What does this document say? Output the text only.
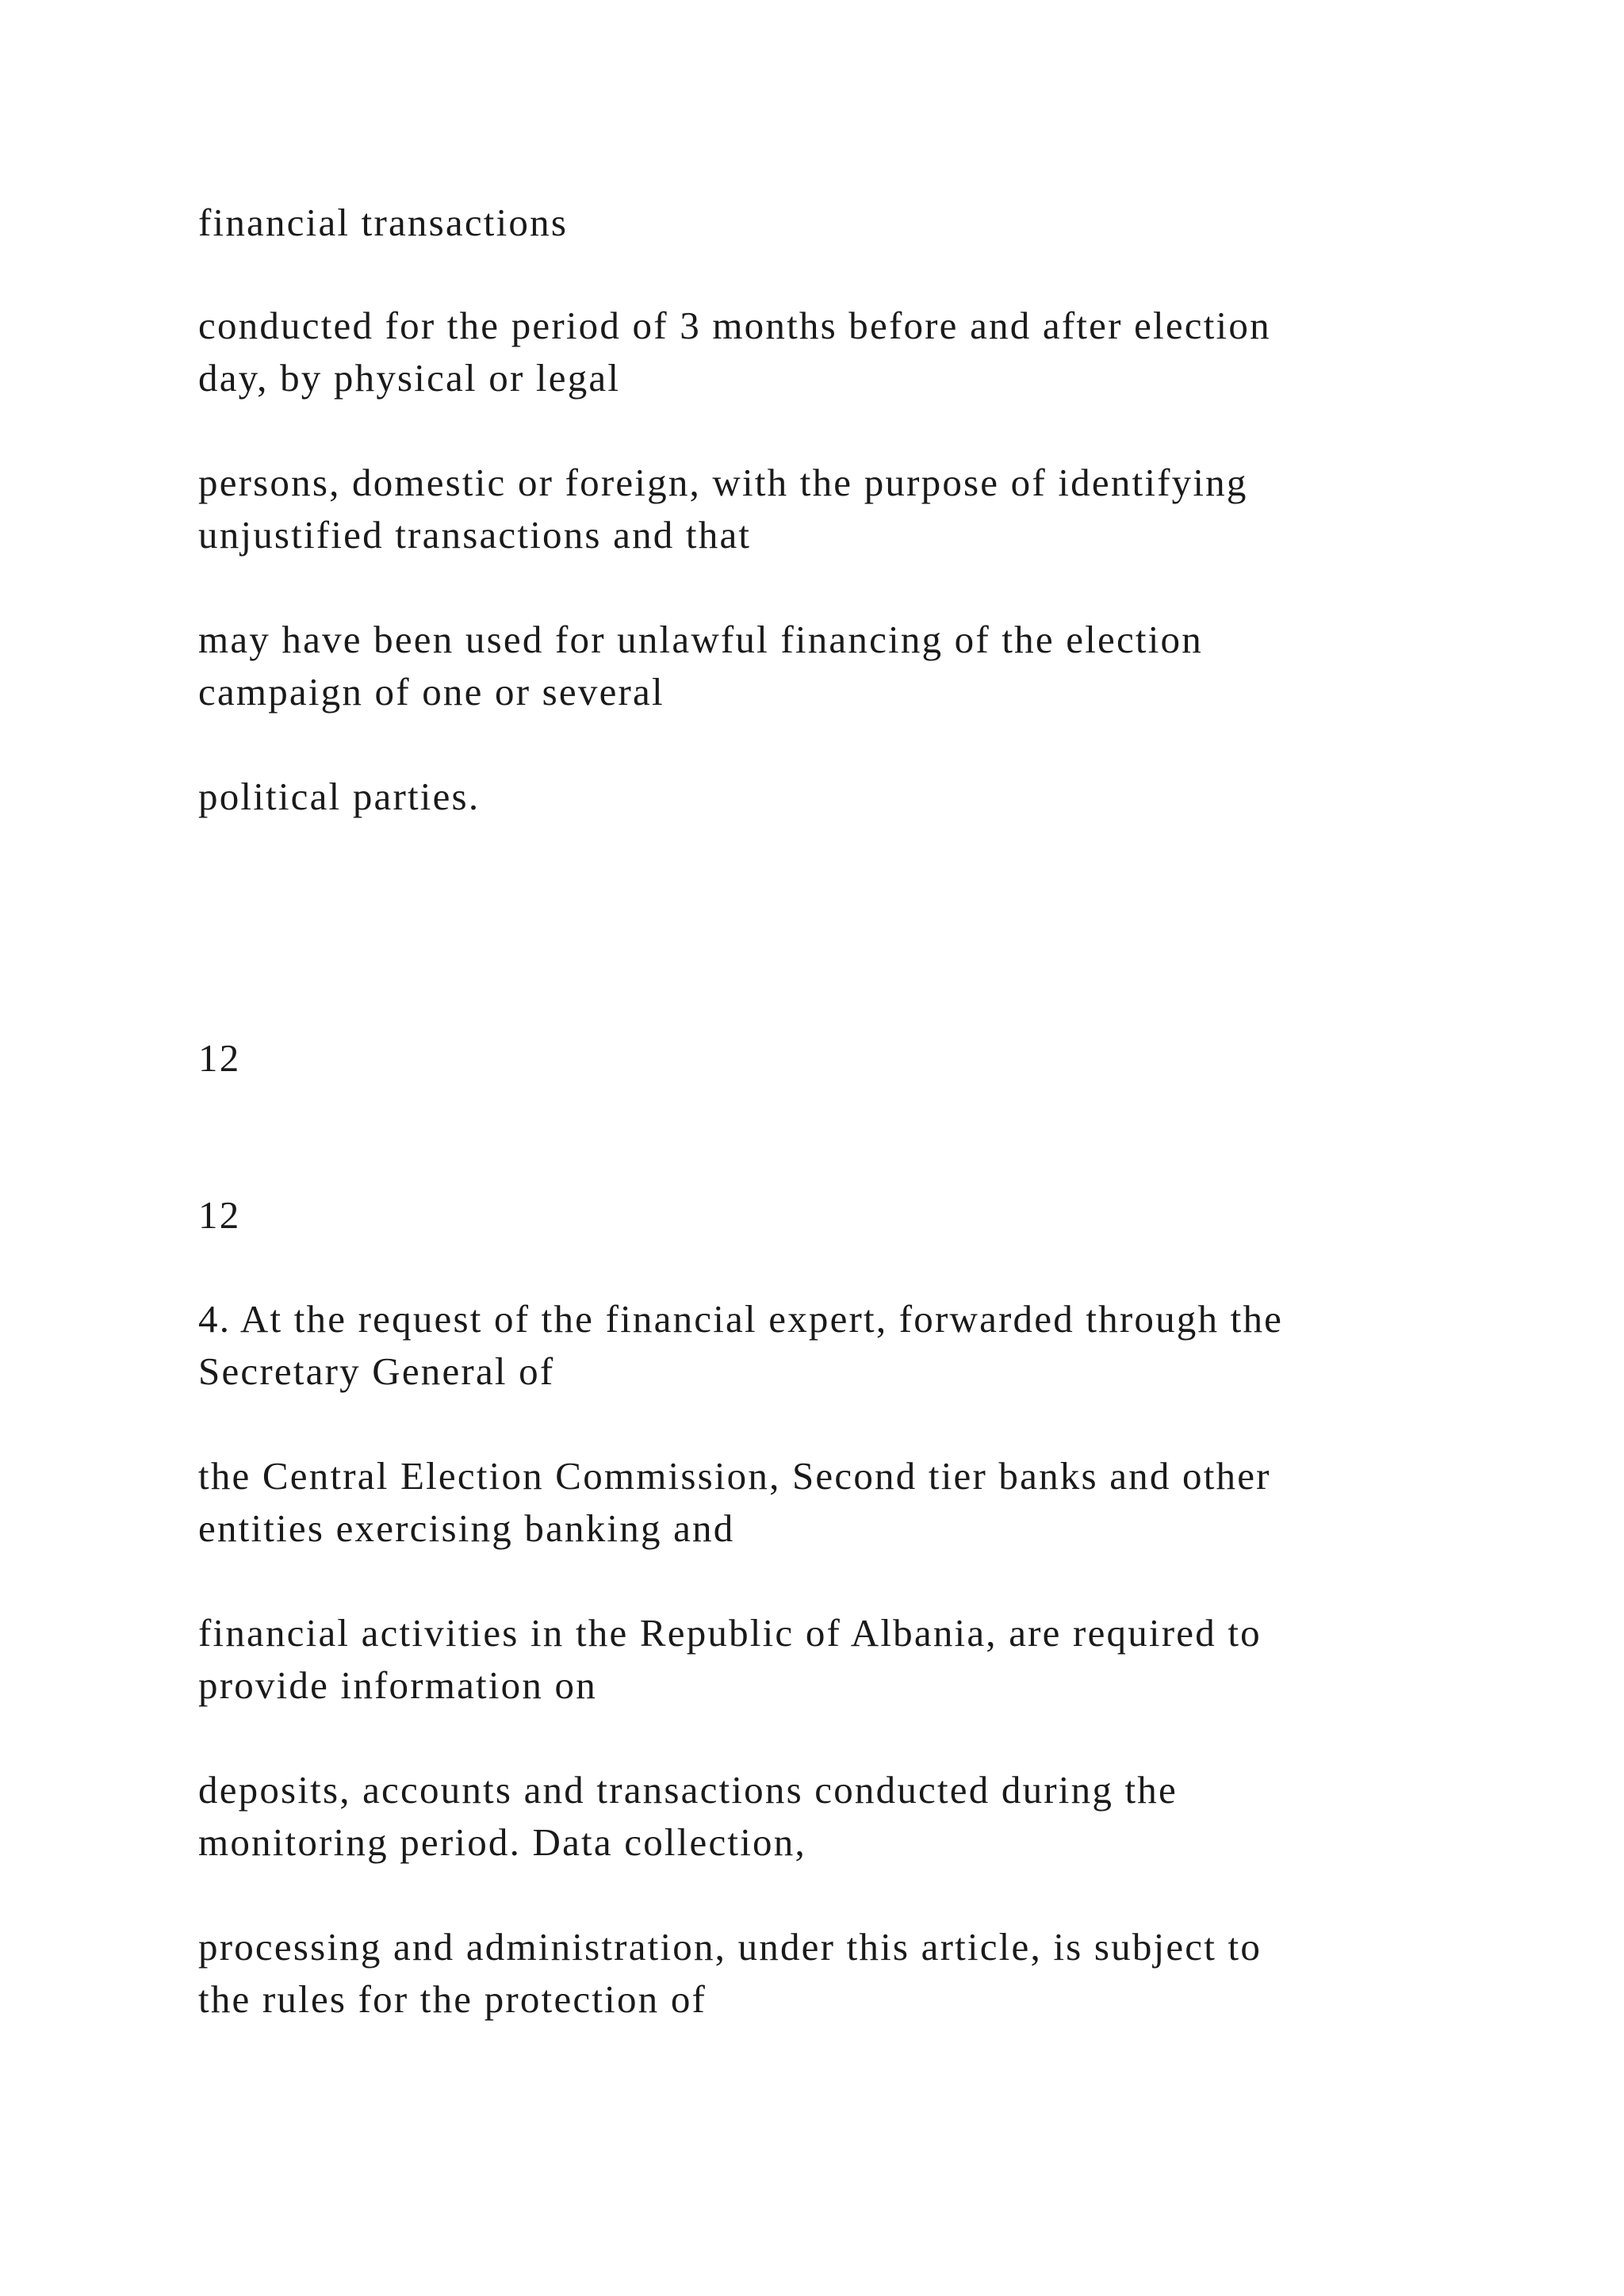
financial transactions

conducted for the period of 3 months before and after election
day, by physical or legal

persons, domestic or foreign, with the purpose of identifying
unjustified transactions and that

may have been used for unlawful financing of the election
campaign of one or several

political parties.

12

12

4. At the request of the financial expert, forwarded through the
Secretary General of

the Central Election Commission, Second tier banks and other
entities exercising banking and

financial activities in the Republic of Albania, are required to
provide information on

deposits, accounts and transactions conducted during the
monitoring period. Data collection,

processing and administration, under this article, is subject to
the rules for the protection of
